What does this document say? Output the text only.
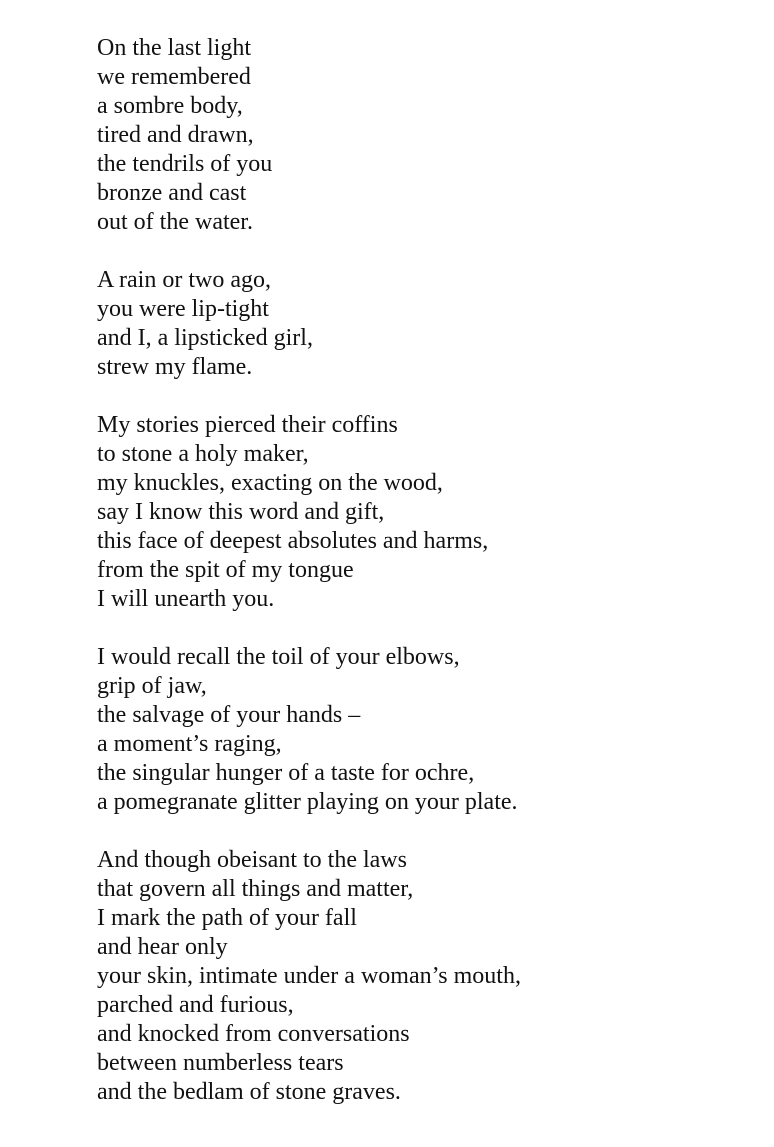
On the last light
we remembered
a sombre body,
tired and drawn,
the tendrils of you
bronze and cast
out of the water.
A rain or two ago,
you were lip-tight
and I, a lipsticked girl,
strew my flame.
My stories pierced their coffins
to stone a holy maker,
my knuckles, exacting on the wood,
say I know this word and gift,
this face of deepest absolutes and harms,
from the spit of my tongue
I will unearth you.
I would recall the toil of your elbows,
grip of jaw,
the salvage of your hands –
a moment’s raging,
the singular hunger of a taste for ochre,
a pomegranate glitter playing on your plate.
And though obeisant to the laws
that govern all things and matter,
I mark the path of your fall
and hear only
your skin, intimate under a woman’s mouth,
parched and furious,
and knocked from conversations
between numberless tears
and the bedlam of stone graves.
